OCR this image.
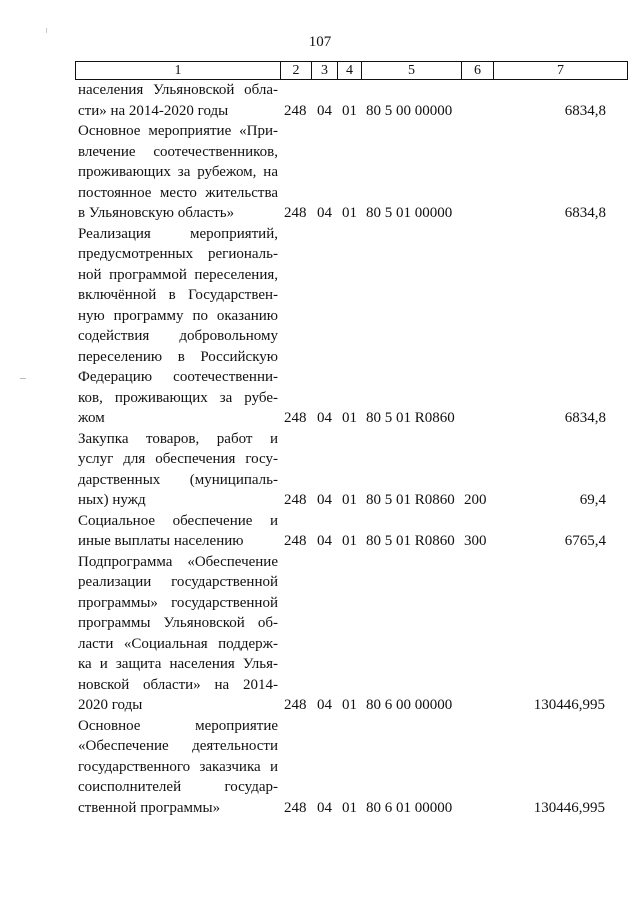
107
1	2	3	4	5	6	7
населения Ульяновской обла-
сти» на 2014-2020 годы	248 04 01 80 5 00 00000	6834,8
Основное мероприятие «При-
влечение соотечественников,
проживающих за рубежом, на
постоянное место жительства
в Ульяновскую область»	248 04 01 80 5 01 00000	6834,8
Реализация мероприятий,
предусмотренных региональ-
ной программой переселения,
включённой в Государствен-
ную программу по оказанию
содействия добровольному
переселению в Российскую
Федерацию соотечественни-
ков, проживающих за рубе-
жом	248 04 01 80 5 01 R0860	6834,8
Закупка товаров, работ и
услуг для обеспечения госу-
дарственных (муниципаль-
ных) нужд	248 04 01 80 5 01 R0860 200	69,4
Социальное обеспечение и
иные выплаты населению	248 04 01 80 5 01 R0860 300	6765,4
Подпрограмма «Обеспечение
реализации государственной
программы» государственной
программы Ульяновской об-
ласти «Социальная поддерж-
ка и защита населения Улья-
новской области» на 2014-
2020 годы	248 04 01 80 6 00 00000	130446,995
Основное мероприятие
«Обеспечение деятельности
государственного заказчика и
соисполнителей государ-
ственной программы»	248 04 01 80 6 01 00000	130446,995
